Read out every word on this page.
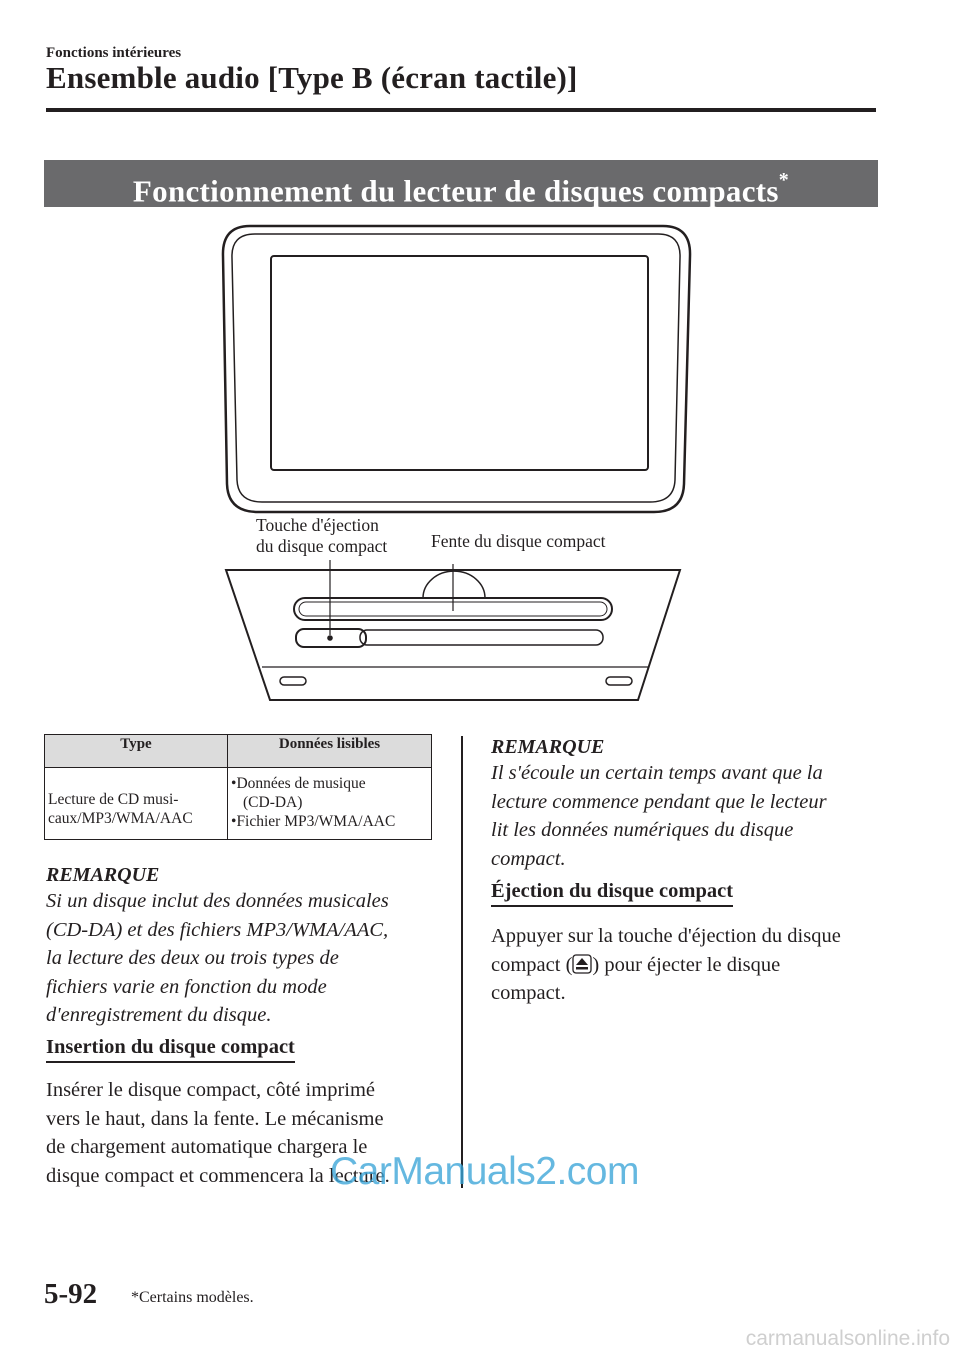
Fonctions intérieures
Ensemble audio [Type B (écran tactile)]
Fonctionnement du lecteur de disques compacts*
Touche d'éjection
du disque compact	Fente du disque compact
Type	Données lisibles

Lecture de CD musi-
caux/MP3/WMA/AAC	•Données de musique
(CD-DA)
•Fichier MP3/WMA/AAC
REMARQUE
Si un disque inclut des données musicales
(CD-DA) et des fichiers MP3/WMA/AAC,
la lecture des deux ou trois types de
fichiers varie en fonction du mode
d'enregistrement du disque.
Insertion du disque compact
Insérer le disque compact, côté imprimé
vers le haut, dans la fente. Le mécanisme
de chargement automatique chargera le
disque compact et commencera la lecture.
REMARQUE
Il s'écoule un certain temps avant que la
lecture commence pendant que le lecteur
lit les données numériques du disque
compact.
Éjection du disque compact
Appuyer sur la touche d'éjection du disque
compact ( ) pour éjecter le disque
compact.
5-92 *Certains modèles.
CarManuals2.com
carmanualsonline.info
